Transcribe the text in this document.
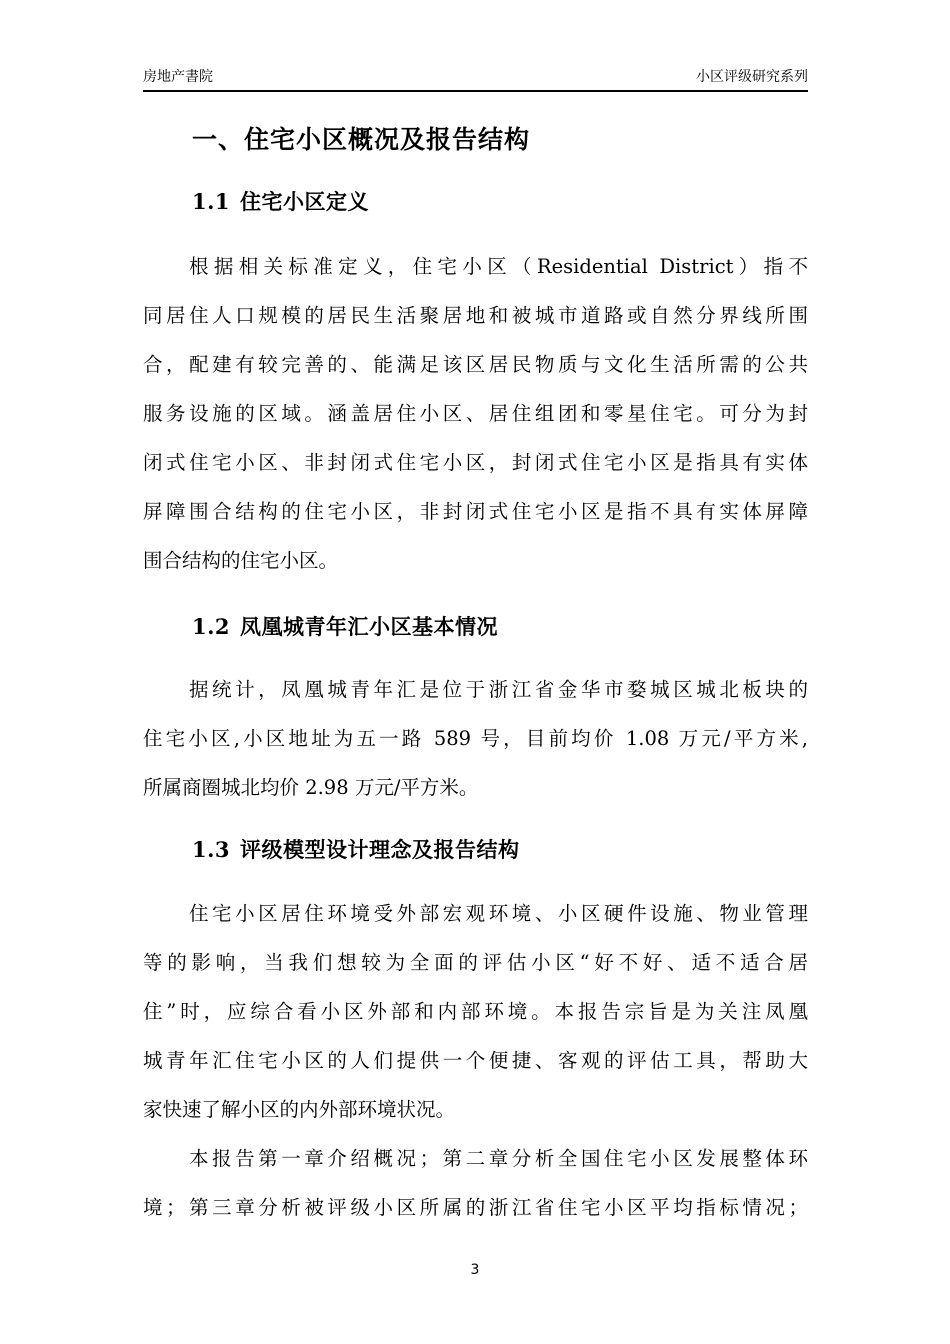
房地产書院	小区评级研究系列
一、住宅小区概况及报告结构
1.1 住宅小区定义
根据相关标准定义，住宅小区（Residential District）指不
同居住人口规模的居民生活聚居地和被城市道路或自然分界线所围
合，配建有较完善的、能满足该区居民物质与文化生活所需的公共
服务设施的区域。涵盖居住小区、居住组团和零星住宅。可分为封
闭式住宅小区、非封闭式住宅小区，封闭式住宅小区是指具有实体
屏障围合结构的住宅小区，非封闭式住宅小区是指不具有实体屏障
围合结构的住宅小区。
1.2 凤凰城青年汇小区基本情况
据统计，凤凰城青年汇是位于浙江省金华市婺城区城北板块的
住宅小区,小区地址为五一路 589 号，目前均价 1.08 万元/平方米,
所属商圈城北均价 2.98 万元/平方米。
1.3 评级模型设计理念及报告结构
住宅小区居住环境受外部宏观环境、小区硬件设施、物业管理
等的影响，当我们想较为全面的评估小区“好不好、适不适合居
住”时，应综合看小区外部和内部环境。本报告宗旨是为关注凤凰
城青年汇住宅小区的人们提供一个便捷、客观的评估工具，帮助大
家快速了解小区的内外部环境状况。
本报告第一章介绍概况；第二章分析全国住宅小区发展整体环
境；第三章分析被评级小区所属的浙江省住宅小区平均指标情况；
3
